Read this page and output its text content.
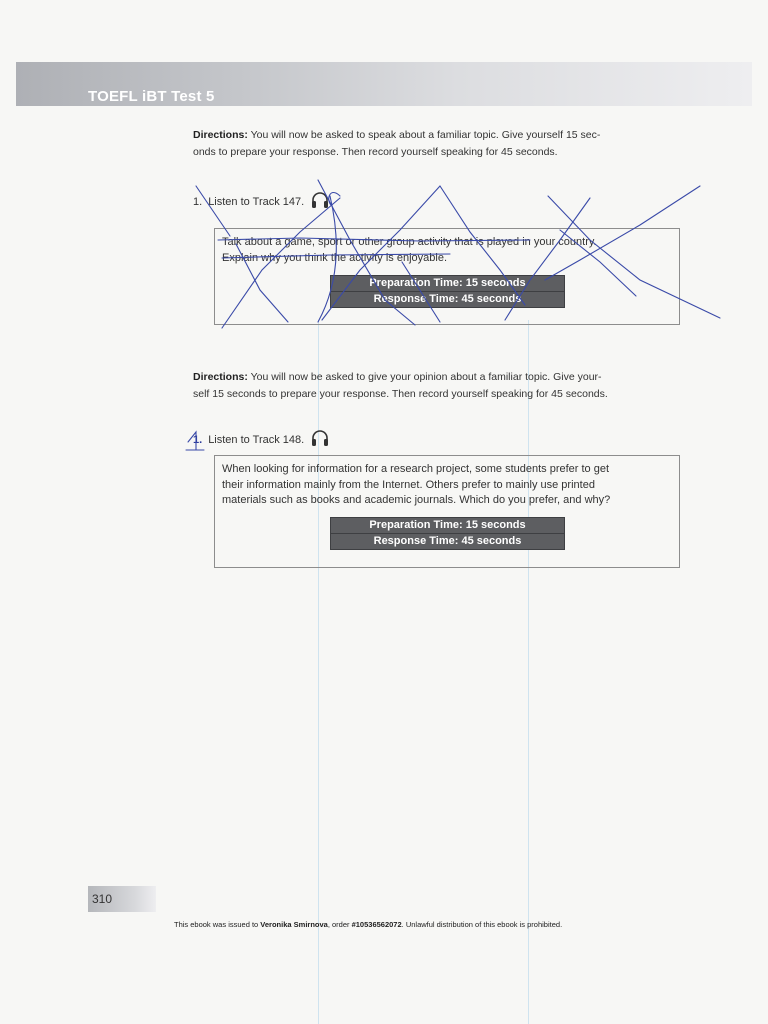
TOEFL iBT Test 5
Directions: You will now be asked to speak about a familiar topic. Give yourself 15 sec-
onds to prepare your response. Then record yourself speaking for 45 seconds.
1. Listen to Track 147.
Talk about a game, sport or other group activity that is played in your country.
Explain why you think the activity is enjoyable.
Preparation Time: 15 seconds
Response Time: 45 seconds
Directions: You will now be asked to give your opinion about a familiar topic. Give your-
self 15 seconds to prepare your response. Then record yourself speaking for 45 seconds.
1. Listen to Track 148.
When looking for information for a research project, some students prefer to get
their information mainly from the Internet. Others prefer to mainly use printed
materials such as books and academic journals. Which do you prefer, and why?
Preparation Time: 15 seconds
Response Time: 45 seconds
310
This ebook was issued to Veronika Smirnova, order #10536562072. Unlawful distribution of this ebook is prohibited.
